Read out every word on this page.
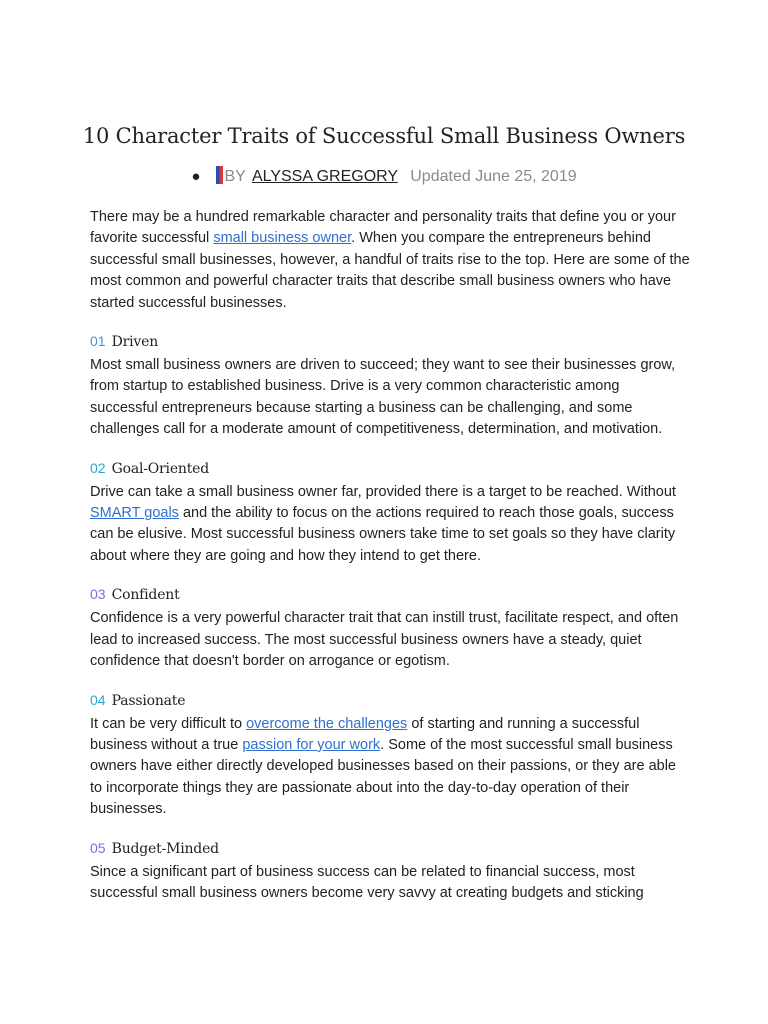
10 Character Traits of Successful Small Business Owners
● BY ALYSSA GREGORY Updated June 25, 2019

There may be a hundred remarkable character and personality traits that define you or your favorite successful small business owner. When you compare the entrepreneurs behind successful small businesses, however, a handful of traits rise to the top. Here are some of the most common and powerful character traits that describe small business owners who have started successful businesses.

01 Driven

Most small business owners are driven to succeed; they want to see their businesses grow, from startup to established business. Drive is a very common characteristic among successful entrepreneurs because starting a business can be challenging, and some challenges call for a moderate amount of competitiveness, determination, and motivation.

02 Goal-Oriented

Drive can take a small business owner far, provided there is a target to be reached. Without SMART goals and the ability to focus on the actions required to reach those goals, success can be elusive. Most successful business owners take time to set goals so they have clarity about where they are going and how they intend to get there.

03 Confident

Confidence is a very powerful character trait that can instill trust, facilitate respect, and often lead to increased success. The most successful business owners have a steady, quiet confidence that doesn't border on arrogance or egotism.

04 Passionate

It can be very difficult to overcome the challenges of starting and running a successful business without a true passion for your work. Some of the most successful small business owners have either directly developed businesses based on their passions, or they are able to incorporate things they are passionate about into the day-to-day operation of their businesses.

05 Budget-Minded

Since a significant part of business success can be related to financial success, most successful small business owners become very savvy at creating budgets and sticking
